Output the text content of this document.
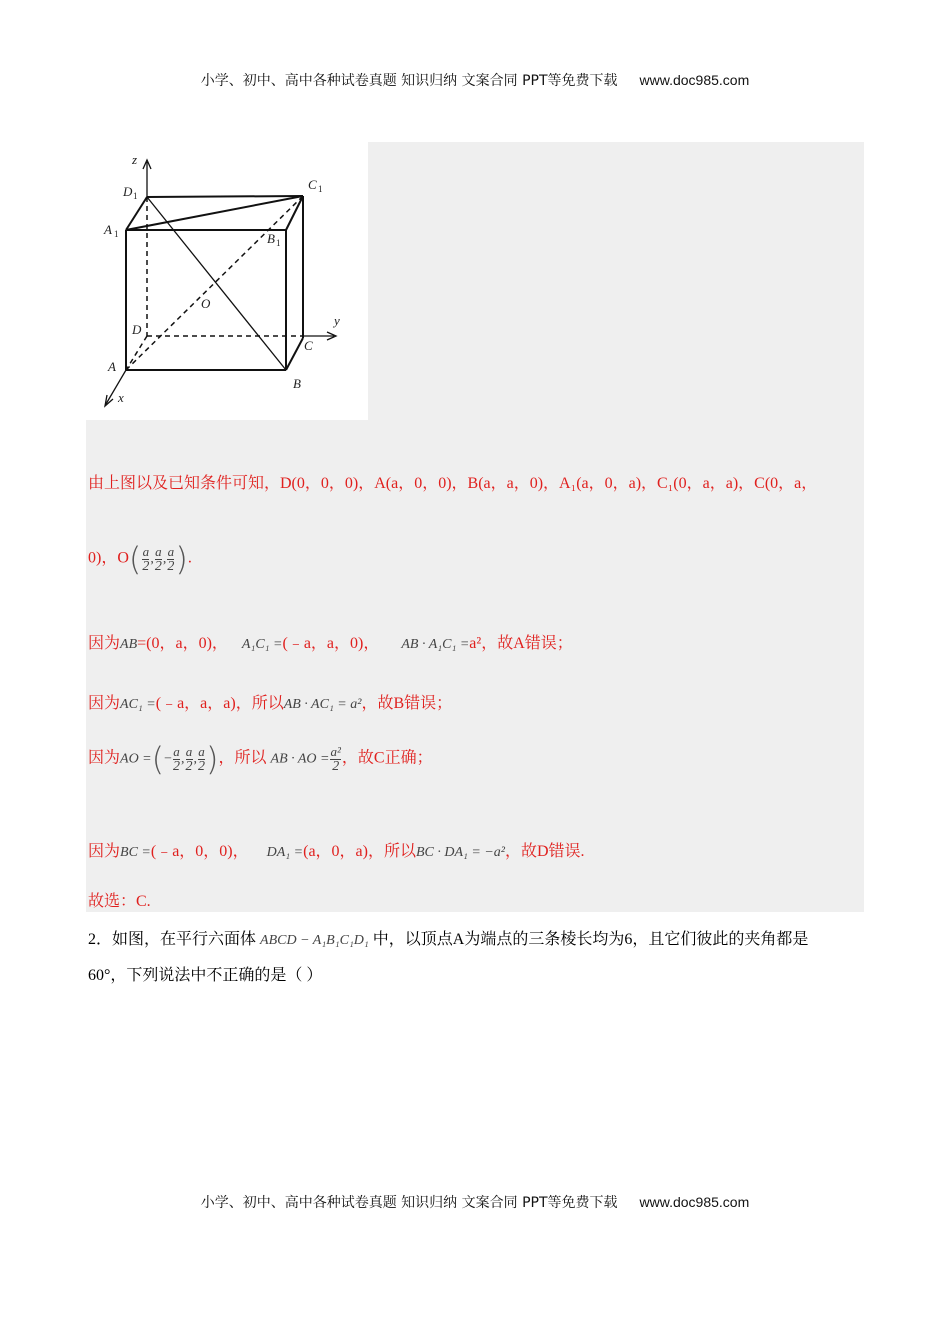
小学、初中、高中各种试卷真题 知识归纳 文案合同 PPT等免费下载 www.doc985.com
z
y
x
D	C
A
B
O
D
C
A
B
1
1
1
1
由上图以及已知条件可知，D(0，0，0)，A(a，0，0)，B(a，a，0)，A₁(a，0，a)，C₁(0，a，a)，C(0，a，
0)，$O( \frac{a}{2}$ , $\frac{a}{2}$ , $\frac{a}{2}$ ).
因为AB=(0，a，0)， A₁C₁ =(﹣a，a，0)， AB · A₁C₁ =a²，故A错误；
因为AC₁ =(﹣a，a，a)，所以AB · AC₁ = a²，故B错误；
因为AO =(− $\frac{a}{2}$ , $\frac{a}{2}$ , $\frac{a}{2}$ )，所以 AB · AO = $\frac{\text{a²}}{2}$ ，故C正确；
因为BC =(﹣a，0，0)， DA₁ =(a，0，a)，所以BC · DA₁ = −a²，故D错误.
故选：C.
2．如图，在平行六面体 ABCD − A₁B₁C₁D₁ 中，以顶点A为端点的三条棱长均为6，且它们彼此的夹角都是
60°，下列说法中不正确的是（ ）
小学、初中、高中各种试卷真题 知识归纳 文案合同 PPT等免费下载 www.doc985.com
